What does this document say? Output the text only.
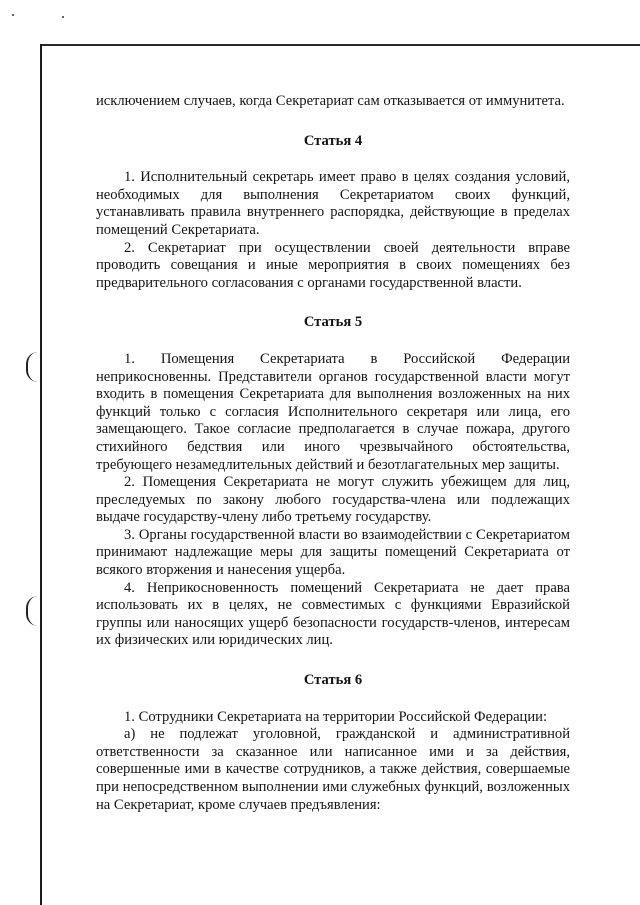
исключением случаев, когда Секретариат сам отказывается от иммунитета.

Статья 4

1. Исполнительный секретарь имеет право в целях создания условий, необходимых для выполнения Секретариатом своих функций, устанавливать правила внутреннего распорядка, действующие в пределах помещений Секретариата.

2. Секретариат при осуществлении своей деятельности вправе проводить совещания и иные мероприятия в своих помещениях без предварительного согласования с органами государственной власти.

Статья 5

1. Помещения Секретариата в Российской Федерации неприкосновенны. Представители органов государственной власти могут входить в помещения Секретариата для выполнения возложенных на них функций только с согласия Исполнительного секретаря или лица, его замещающего. Такое согласие предполагается в случае пожара, другого стихийного бедствия или иного чрезвычайного обстоятельства, требующего незамедлительных действий и безотлагательных мер защиты.

2. Помещения Секретариата не могут служить убежищем для лиц, преследуемых по закону любого государства-члена или подлежащих выдаче государству-члену либо третьему государству.

3. Органы государственной власти во взаимодействии с Секретариатом принимают надлежащие меры для защиты помещений Секретариата от всякого вторжения и нанесения ущерба.

4. Неприкосновенность помещений Секретариата не дает права использовать их в целях, не совместимых с функциями Евразийской группы или наносящих ущерб безопасности государств-членов, интересам их физических или юридических лиц.

Статья 6

1. Сотрудники Секретариата на территории Российской Федерации:

а) не подлежат уголовной, гражданской и административной ответственности за сказанное или написанное ими и за действия, совершенные ими в качестве сотрудников, а также действия, совершаемые при непосредственном выполнении ими служебных функций, возложенных на Секретариат, кроме случаев предъявления:
